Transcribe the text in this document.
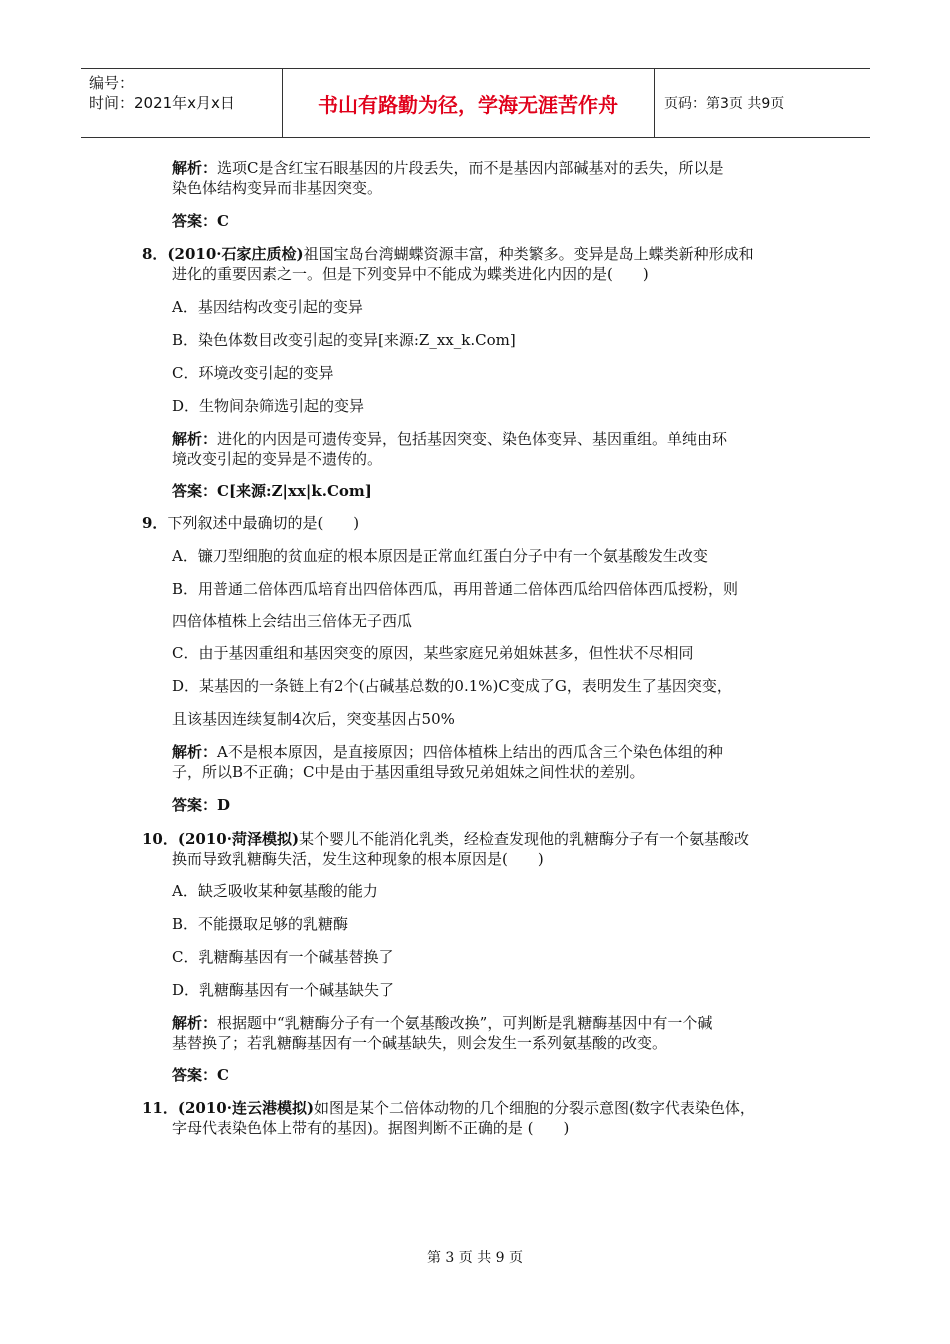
编号：
时间：2021年x月x日	书山有路勤为径，学海无涯苦作舟	页码：第3页 共9页

解析：选项C是含红宝石眼基因的片段丢失，而不是基因内部碱基对的丢失，所以是
染色体结构变异而非基因突变。

答案：C

8．(2010·石家庄质检)祖国宝岛台湾蝴蝶资源丰富，种类繁多。变异是岛上蝶类新种形成和
进化的重要因素之一。但是下列变异中不能成为蝶类进化内因的是(　　)

A．基因结构改变引起的变异

B．染色体数目改变引起的变异[来源:Z_xx_k.Com]

C．环境改变引起的变异

D．生物间杂筛选引起的变异

解析：进化的内因是可遗传变异，包括基因突变、染色体变异、基因重组。单纯由环
境改变引起的变异是不遗传的。

答案：C[来源:Z|xx|k.Com]

9．下列叙述中最确切的是(　　)

A．镰刀型细胞的贫血症的根本原因是正常血红蛋白分子中有一个氨基酸发生改变

B．用普通二倍体西瓜培育出四倍体西瓜，再用普通二倍体西瓜给四倍体西瓜授粉，则

四倍体植株上会结出三倍体无子西瓜

C．由于基因重组和基因突变的原因，某些家庭兄弟姐妹甚多，但性状不尽相同

D．某基因的一条链上有2个(占碱基总数的0.1%)C变成了G，表明发生了基因突变，

且该基因连续复制4次后，突变基因占50%

解析：A不是根本原因，是直接原因；四倍体植株上结出的西瓜含三个染色体组的种
子，所以B不正确；C中是由于基因重组导致兄弟姐妹之间性状的差别。

答案：D

10．(2010·菏泽模拟)某个婴儿不能消化乳类，经检查发现他的乳糖酶分子有一个氨基酸改
换而导致乳糖酶失活，发生这种现象的根本原因是(　　)

A．缺乏吸收某种氨基酸的能力

B．不能摄取足够的乳糖酶

C．乳糖酶基因有一个碱基替换了

D．乳糖酶基因有一个碱基缺失了

解析：根据题中“乳糖酶分子有一个氨基酸改换”，可判断是乳糖酶基因中有一个碱
基替换了；若乳糖酶基因有一个碱基缺失，则会发生一系列氨基酸的改变。

答案：C

11．(2010·连云港模拟)如图是某个二倍体动物的几个细胞的分裂示意图(数字代表染色体，
字母代表染色体上带有的基因)。据图判断不正确的是 (　　)

第 3 页 共 9 页
